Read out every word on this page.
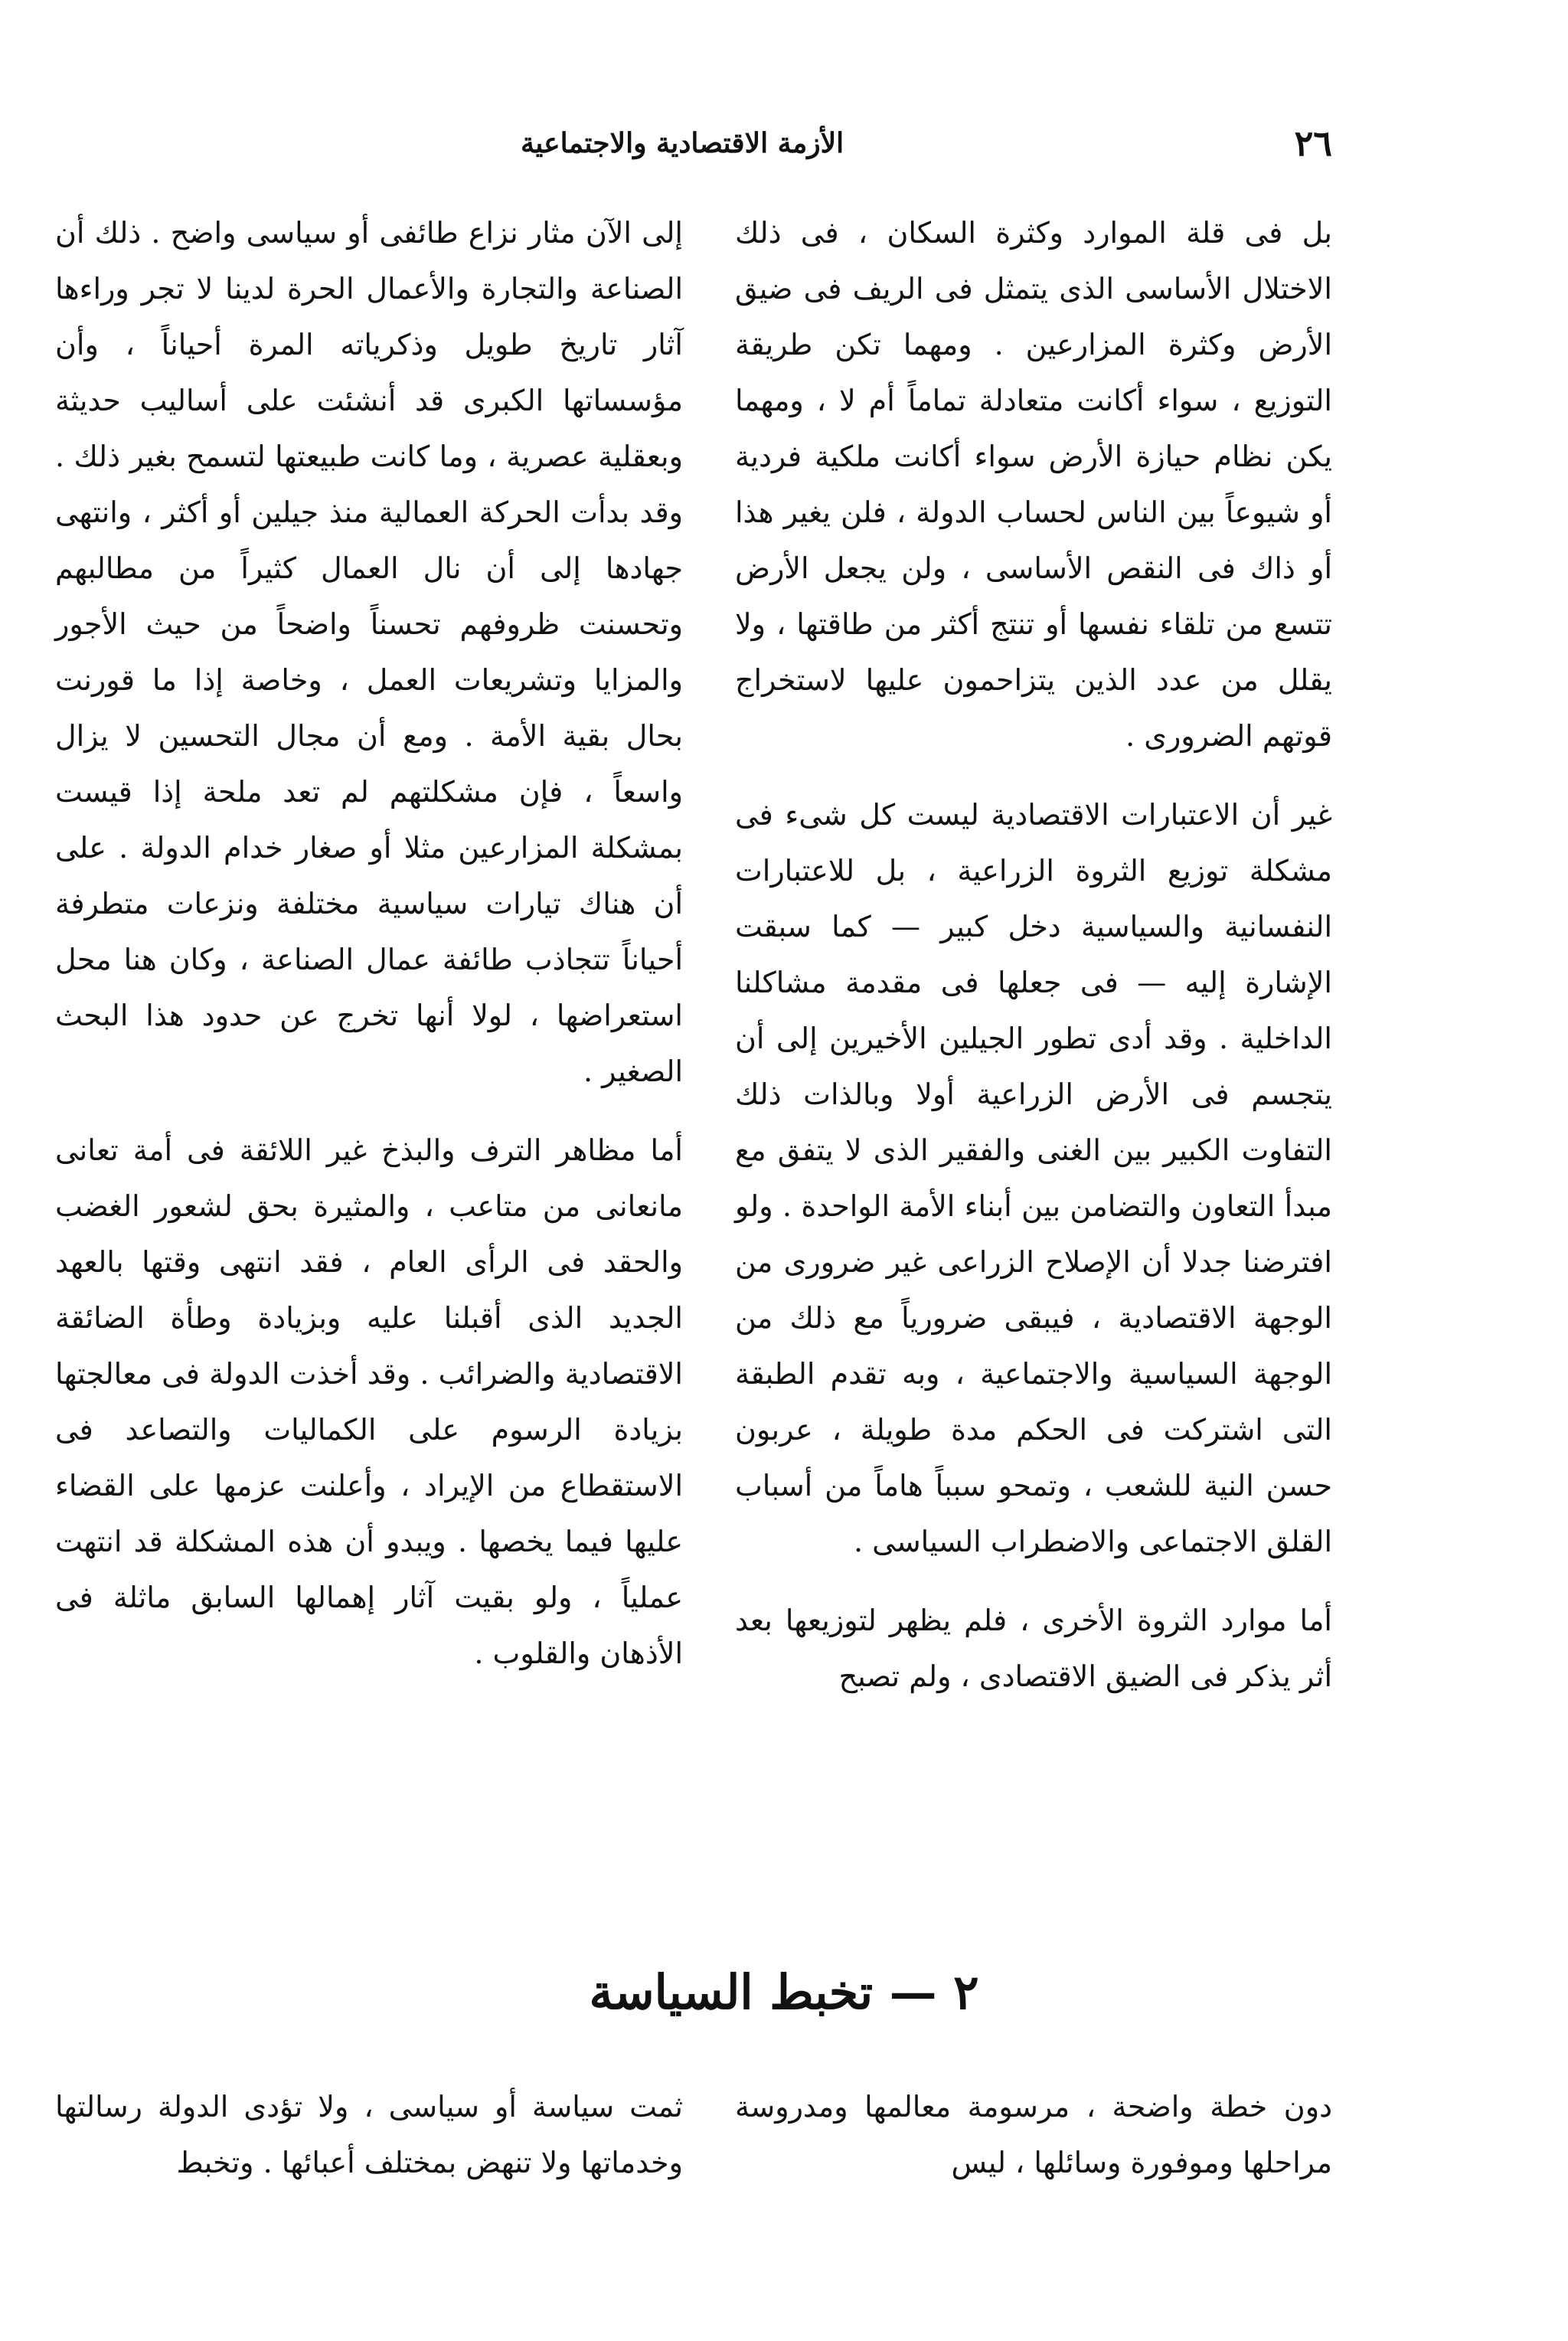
٢٦
الأزمة الاقتصادية والاجتماعية

بل فى قلة الموارد وكثرة السكان ، فى ذلك الاختلال الأساسى الذى يتمثل فى الريف فى ضيق الأرض وكثرة المزارعين . ومهما تكن طريقة التوزيع ، سواء أكانت متعادلة تماماً أم لا ، ومهما يكن نظام حيازة الأرض سواء أكانت ملكية فردية أو شيوعاً بين الناس لحساب الدولة ، فلن يغير هذا أو ذاك فى النقص الأساسى ، ولن يجعل الأرض تتسع من تلقاء نفسها أو تنتج أكثر من طاقتها ، ولا يقلل من عدد الذين يتزاحمون عليها لاستخراج قوتهم الضرورى .

غير أن الاعتبارات الاقتصادية ليست كل شىء فى مشكلة توزيع الثروة الزراعية ، بل للاعتبارات النفسانية والسياسية دخل كبير — كما سبقت الإشارة إليه — فى جعلها فى مقدمة مشاكلنا الداخلية . وقد أدى تطور الجيلين الأخيرين إلى أن يتجسم فى الأرض الزراعية أولا وبالذات ذلك التفاوت الكبير بين الغنى والفقير الذى لا يتفق مع مبدأ التعاون والتضامن بين أبناء الأمة الواحدة . ولو افترضنا جدلا أن الإصلاح الزراعى غير ضرورى من الوجهة الاقتصادية ، فيبقى ضرورياً مع ذلك من الوجهة السياسية والاجتماعية ، وبه تقدم الطبقة التى اشتركت فى الحكم مدة طويلة ، عربون حسن النية للشعب ، وتمحو سبباً هاماً من أسباب القلق الاجتماعى والاضطراب السياسى .

أما موارد الثروة الأخرى ، فلم يظهر لتوزيعها بعد أثر يذكر فى الضيق الاقتصادى ، ولم تصبح

إلى الآن مثار نزاع طائفى أو سياسى واضح . ذلك أن الصناعة والتجارة والأعمال الحرة لدينا لا تجر وراءها آثار تاريخ طويل وذكرياته المرة أحياناً ، وأن مؤسساتها الكبرى قد أنشئت على أساليب حديثة وبعقلية عصرية ، وما كانت طبيعتها لتسمح بغير ذلك . وقد بدأت الحركة العمالية منذ جيلين أو أكثر ، وانتهى جهادها إلى أن نال العمال كثيراً من مطالبهم وتحسنت ظروفهم تحسناً واضحاً من حيث الأجور والمزايا وتشريعات العمل ، وخاصة إذا ما قورنت بحال بقية الأمة . ومع أن مجال التحسين لا يزال واسعاً ، فإن مشكلتهم لم تعد ملحة إذا قيست بمشكلة المزارعين مثلا أو صغار خدام الدولة . على أن هناك تيارات سياسية مختلفة ونزعات متطرفة أحياناً تتجاذب طائفة عمال الصناعة ، وكان هنا محل استعراضها ، لولا أنها تخرج عن حدود هذا البحث الصغير .

أما مظاهر الترف والبذخ غير اللائقة فى أمة تعانى مانعانى من متاعب ، والمثيرة بحق لشعور الغضب والحقد فى الرأى العام ، فقد انتهى وقتها بالعهد الجديد الذى أقبلنا عليه وبزيادة وطأة الضائقة الاقتصادية والضرائب . وقد أخذت الدولة فى معالجتها بزيادة الرسوم على الكماليات والتصاعد فى الاستقطاع من الإيراد ، وأعلنت عزمها على القضاء عليها فيما يخصها . ويبدو أن هذه المشكلة قد انتهت عملياً ، ولو بقيت آثار إهمالها السابق ماثلة فى الأذهان والقلوب .

٢ — تخبط السياسة

دون خطة واضحة ، مرسومة معالمها ومدروسة مراحلها وموفورة وسائلها ، ليس

ثمت سياسة أو سياسى ، ولا تؤدى الدولة رسالتها وخدماتها ولا تنهض بمختلف أعبائها . وتخبط
